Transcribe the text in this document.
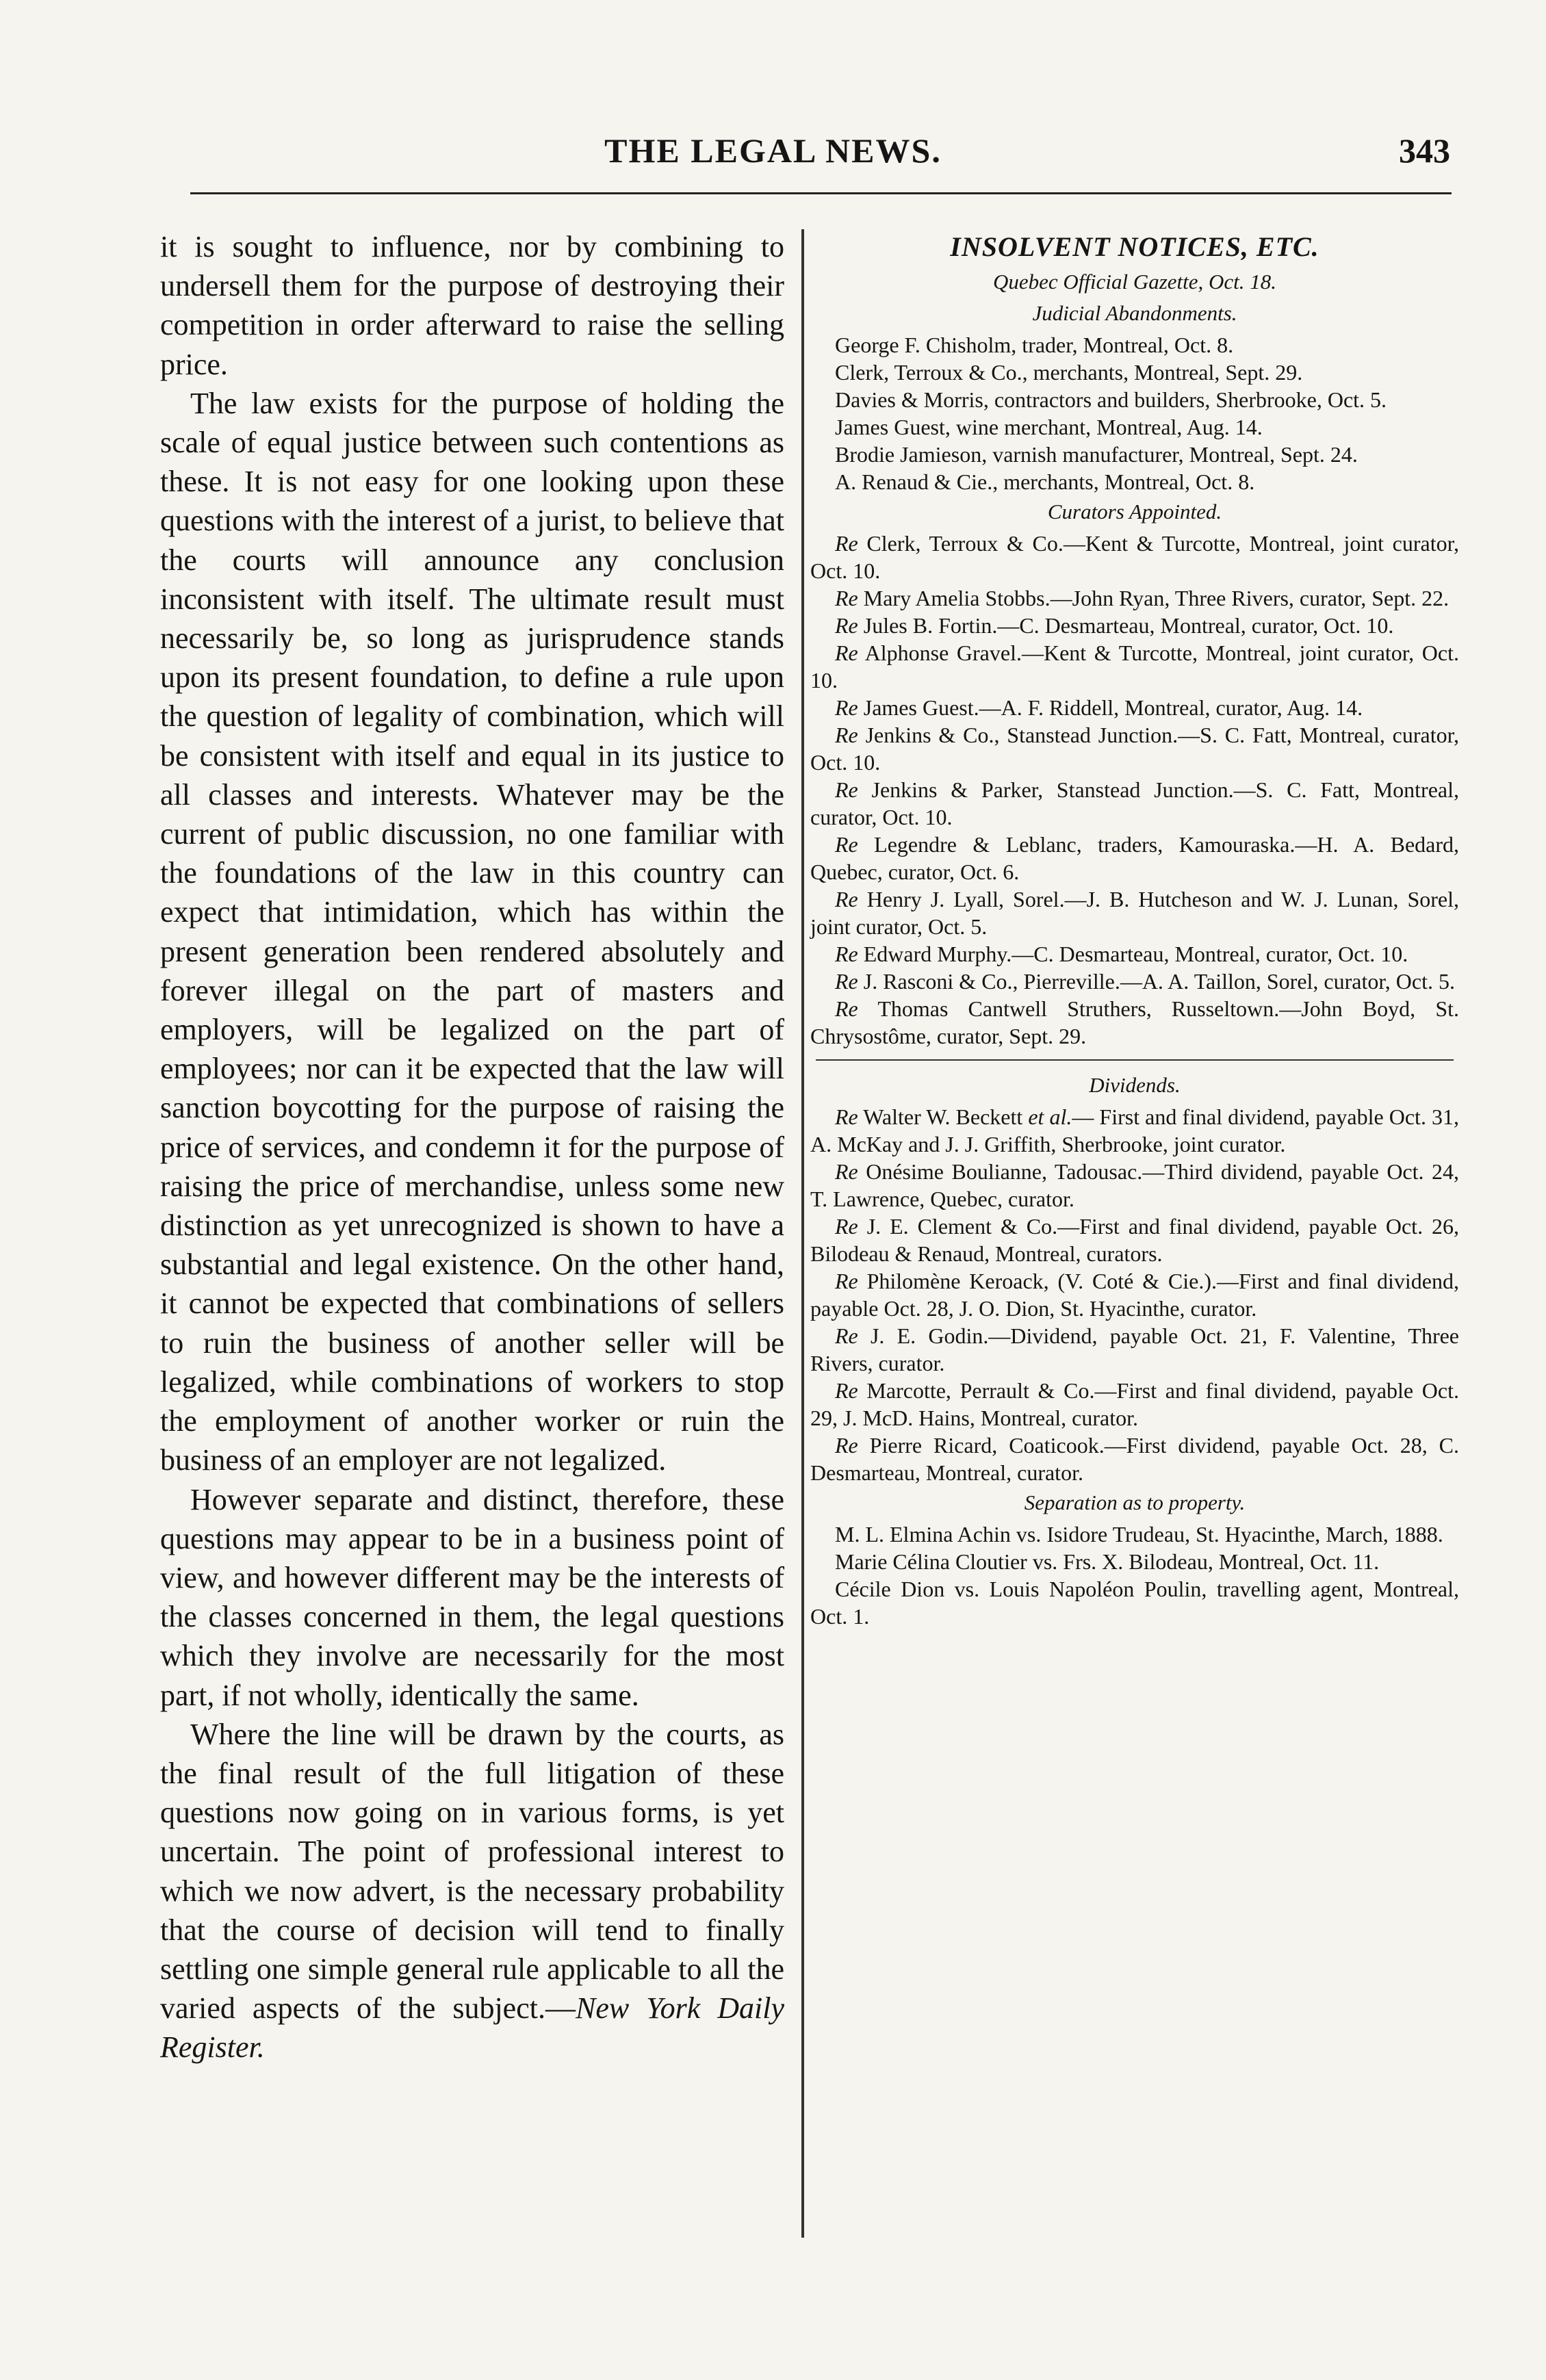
THE LEGAL NEWS.	343

it is sought to influence, nor by combining to undersell them for the purpose of destroying their competition in order afterward to raise the selling price.

The law exists for the purpose of holding the scale of equal justice between such contentions as these. It is not easy for one looking upon these questions with the interest of a jurist, to believe that the courts will announce any conclusion inconsistent with itself. The ultimate result must necessarily be, so long as jurisprudence stands upon its present foundation, to define a rule upon the question of legality of combination, which will be consistent with itself and equal in its justice to all classes and interests. Whatever may be the current of public discussion, no one familiar with the foundations of the law in this country can expect that intimidation, which has within the present generation been rendered absolutely and forever illegal on the part of masters and employers, will be legalized on the part of employees; nor can it be expected that the law will sanction boycotting for the purpose of raising the price of services, and condemn it for the purpose of raising the price of merchandise, unless some new distinction as yet unrecognized is shown to have a substantial and legal existence. On the other hand, it cannot be expected that combinations of sellers to ruin the business of another seller will be legalized, while combinations of workers to stop the employment of another worker or ruin the business of an employer are not legalized.

However separate and distinct, therefore, these questions may appear to be in a business point of view, and however different may be the interests of the classes concerned in them, the legal questions which they involve are necessarily for the most part, if not wholly, identically the same.

Where the line will be drawn by the courts, as the final result of the full litigation of these questions now going on in various forms, is yet uncertain. The point of professional interest to which we now advert, is the necessary probability that the course of decision will tend to finally settling one simple general rule applicable to all the varied aspects of the subject.—New York Daily Register.

INSOLVENT NOTICES, ETC.

Quebec Official Gazette, Oct. 18.

Judicial Abandonments.

George F. Chisholm, trader, Montreal, Oct. 8.

Clerk, Terroux & Co., merchants, Montreal, Sept. 29.

Davies & Morris, contractors and builders, Sherbrooke, Oct. 5.

James Guest, wine merchant, Montreal, Aug. 14.

Brodie Jamieson, varnish manufacturer, Montreal, Sept. 24.

A. Renaud & Cie., merchants, Montreal, Oct. 8.

Curators Appointed.

Re Clerk, Terroux & Co.—Kent & Turcotte, Montreal, joint curator, Oct. 10.

Re Mary Amelia Stobbs.—John Ryan, Three Rivers, curator, Sept. 22.

Re Jules B. Fortin.—C. Desmarteau, Montreal, curator, Oct. 10.

Re Alphonse Gravel.—Kent & Turcotte, Montreal, joint curator, Oct. 10.

Re James Guest.—A. F. Riddell, Montreal, curator, Aug. 14.

Re Jenkins & Co., Stanstead Junction.—S. C. Fatt, Montreal, curator, Oct. 10.

Re Jenkins & Parker, Stanstead Junction.—S. C. Fatt, Montreal, curator, Oct. 10.

Re Legendre & Leblanc, traders, Kamouraska.—H. A. Bedard, Quebec, curator, Oct. 6.

Re Henry J. Lyall, Sorel.—J. B. Hutcheson and W. J. Lunan, Sorel, joint curator, Oct. 5.

Re Edward Murphy.—C. Desmarteau, Montreal, curator, Oct. 10.

Re J. Rasconi & Co., Pierreville.—A. A. Taillon, Sorel, curator, Oct. 5.

Re Thomas Cantwell Struthers, Russeltown.—John Boyd, St. Chrysostôme, curator, Sept. 29.

Dividends.

Re Walter W. Beckett et al.— First and final dividend, payable Oct. 31, A. McKay and J. J. Griffith, Sherbrooke, joint curator.

Re Onésime Boulianne, Tadousac.—Third dividend, payable Oct. 24, T. Lawrence, Quebec, curator.

Re J. E. Clement & Co.—First and final dividend, payable Oct. 26, Bilodeau & Renaud, Montreal, curators.

Re Philomène Keroack, (V. Coté & Cie.).—First and final dividend, payable Oct. 28, J. O. Dion, St. Hyacinthe, curator.

Re J. E. Godin.—Dividend, payable Oct. 21, F. Valentine, Three Rivers, curator.

Re Marcotte, Perrault & Co.—First and final dividend, payable Oct. 29, J. McD. Hains, Montreal, curator.

Re Pierre Ricard, Coaticook.—First dividend, payable Oct. 28, C. Desmarteau, Montreal, curator.

Separation as to property.

M. L. Elmina Achin vs. Isidore Trudeau, St. Hyacinthe, March, 1888.

Marie Célina Cloutier vs. Frs. X. Bilodeau, Montreal, Oct. 11.

Cécile Dion vs. Louis Napoléon Poulin, travelling agent, Montreal, Oct. 1.
